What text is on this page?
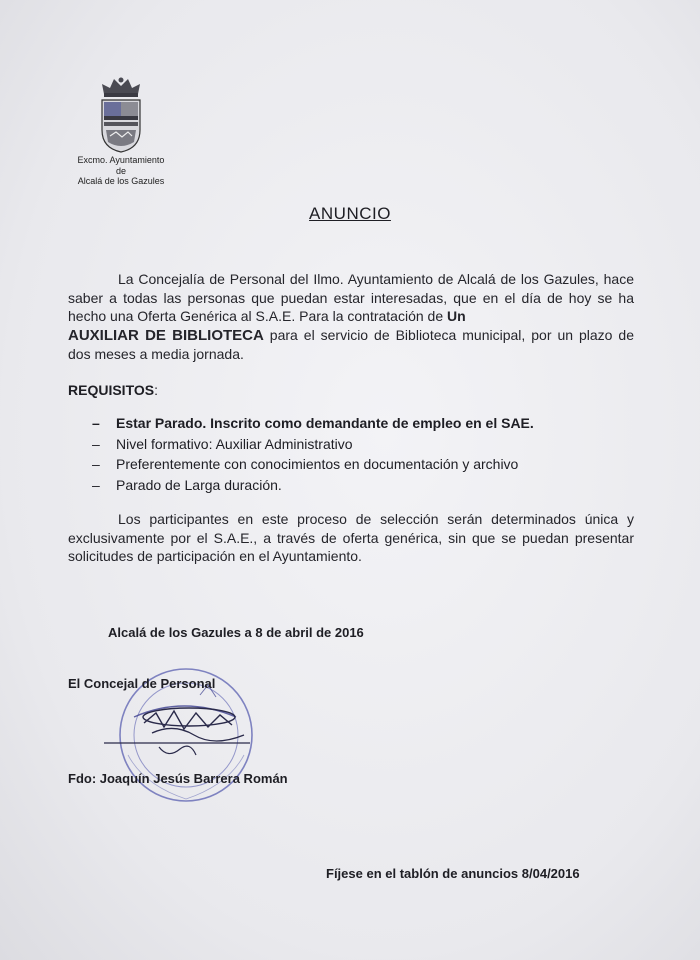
Excmo. Ayuntamiento
de
Alcalá de los Gazules
ANUNCIO
La Concejalía de Personal del Ilmo. Ayuntamiento de Alcalá de los Gazules, hace saber a todas las personas que puedan estar interesadas, que en el día de hoy se ha hecho una Oferta Genérica al S.A.E. Para la contratación de Un
AUXILIAR DE BIBLIOTECA para el servicio de Biblioteca municipal, por un plazo de dos meses a media jornada.
REQUISITOS:
– Estar Parado. Inscrito como demandante de empleo en el SAE.
– Nivel formativo: Auxiliar Administrativo
– Preferentemente con conocimientos en documentación y archivo
– Parado de Larga duración.
Los participantes en este proceso de selección serán determinados única y exclusivamente por el S.A.E., a través de oferta genérica, sin que se puedan presentar solicitudes de participación en el Ayuntamiento.
Alcalá de los Gazules a 8 de abril de 2016
El Concejal de Personal
Fdo: Joaquín Jesús Barrera Román
Fíjese en el tablón de anuncios 8/04/2016
